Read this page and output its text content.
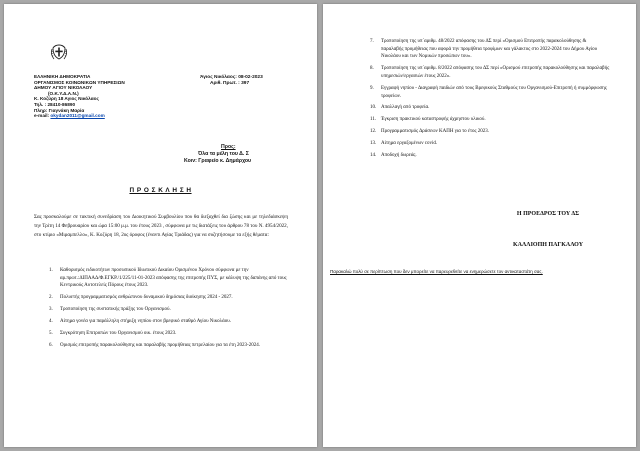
ΕΛΛΗΝΙΚΗ ΔΗΜΟΚΡΑΤΙΑ
ΟΡΓΑΝΙΣΜΟΣ ΚΟΙΝΩΝΙΚΩΝ ΥΠΗΡΕΣΙΩΝ
ΔΗΜΟΥ ΑΓΙΟΥ ΝΙΚΟΛΑΟΥ
(Ο.Κ.Υ.Δ.Α.Ν.)
Κ. Κοζύρη 18 Αγιος Νικόλαος
Τηλ. : 28410-86890
Πληρ: Γιαγνάκη Μαρία
e-mail: okydan2011@gmail.com
Άγιος Νικόλαος: 08-02-2023
Αριθ. Πρωτ. : 397
Προς:
Όλα τα μέλη του Δ. Σ
Κοιν: Γραφείο κ. Δημάρχου
Π Ρ Ο Σ Κ Λ Η Σ Η
Σας προσκαλούμε σε τακτική συνεδρίαση του Διοικητικού Συμβουλίου που θα διεξαχθεί δια ζώσης και με τηλεδιάσκεψη την Τρίτη 14 Φεβρουαρίου και ώρα 15:00 μ.μ. του έτους 2023 , σύμφωνα με τις διατάξεις του άρθρου 78 του Ν. 4954/2022, στο κτίριο «Μιραμπελλο», Κ. Κοζύρη 18, 2ος όροφος (έναντι Αγίας Τριάδας) για να συζητήσουμε τα εξής θέματα:
1. Καθορισμός ειδικοτήτων προσωπικού Ιδιωτικού Δικαίου Ορισμένου Χρόνου σύμφωνα με την αρ.πρωτ.:ΔΙΠΑΑΔ/Φ.ΕΓΚΡ./1/225/11-01-2023 απόφασης της επιτροπής ΠΥΣ, με κάλυψη της δαπάνης από τους Κεντρικούς Αυτοτελείς Πόρους έτους 2023.
2. Πολυετής προγραμματισμός ανθρώπινου δυναμικού δημόσιας διοίκησης 2024 - 2027.
3. Τροποποίηση της συστατικής πράξης του Οργανισμού.
4. Αίτημα γονέα για παράλληλη στήριξη νηπίου στον βρεφικό σταθμό Αγίου Νικολάου.
5. Συγκρότηση Επιτροπών του Οργανισμού οικ. έτους 2023.
6. Ορισμός επιτροπής παρακολούθησης και παραλαβής προμήθειας πετρελαίου για τα έτη 2023-2024.
7. Τροποποίηση της υπ΄αριθμ. 48/2022 απόφασης του ΔΣ περί «Ορισμού Επιτροπής παρακολούθησης & παραλαβής προμήθειας που αφορά την προμήθεια τροφίμων και γάλακτος στο 2022-2024 του Δήμου Αγίου Νικολάου και των Νομικών προσώπων του».
8. Τροποποίηση της υπ΄αριθμ. 8/2022 απόφασης του ΔΣ περί «Ορισμού επιτροπής παρακολούθησης και παραλαβής υπηρεσιών/εργασιών έτους 2022».
9. Εγγραφή νηπίου - Διαγραφή παιδιών από τους Βρεφικούς Σταθμούς του Οργανισμού-Επιτροπή ή συμμόρφωσης τροφείων.
10. Απαλλαγή από τροφεία.
11. Έγκριση πρακτικού καταστροφής άχρηστου υλικού.
12. Προγραμματισμός Δράσεων ΚΑΠΗ για το έτος 2023.
13. Αίτημα εργαζομένων covid.
14. Αποδοχή δωρεάς.
Η ΠΡΟΕΔΡΟΣ ΤΟΥ ΔΣ
ΚΑΛΛΙΟΠΗ ΠΑΓΚΑΛΟΥ
Παρακαλώ πολύ σε περίπτωση που δεν μπορείτε να παρευρεθείτε να ενημερώσετε τον αντικαταστάτη σας.
